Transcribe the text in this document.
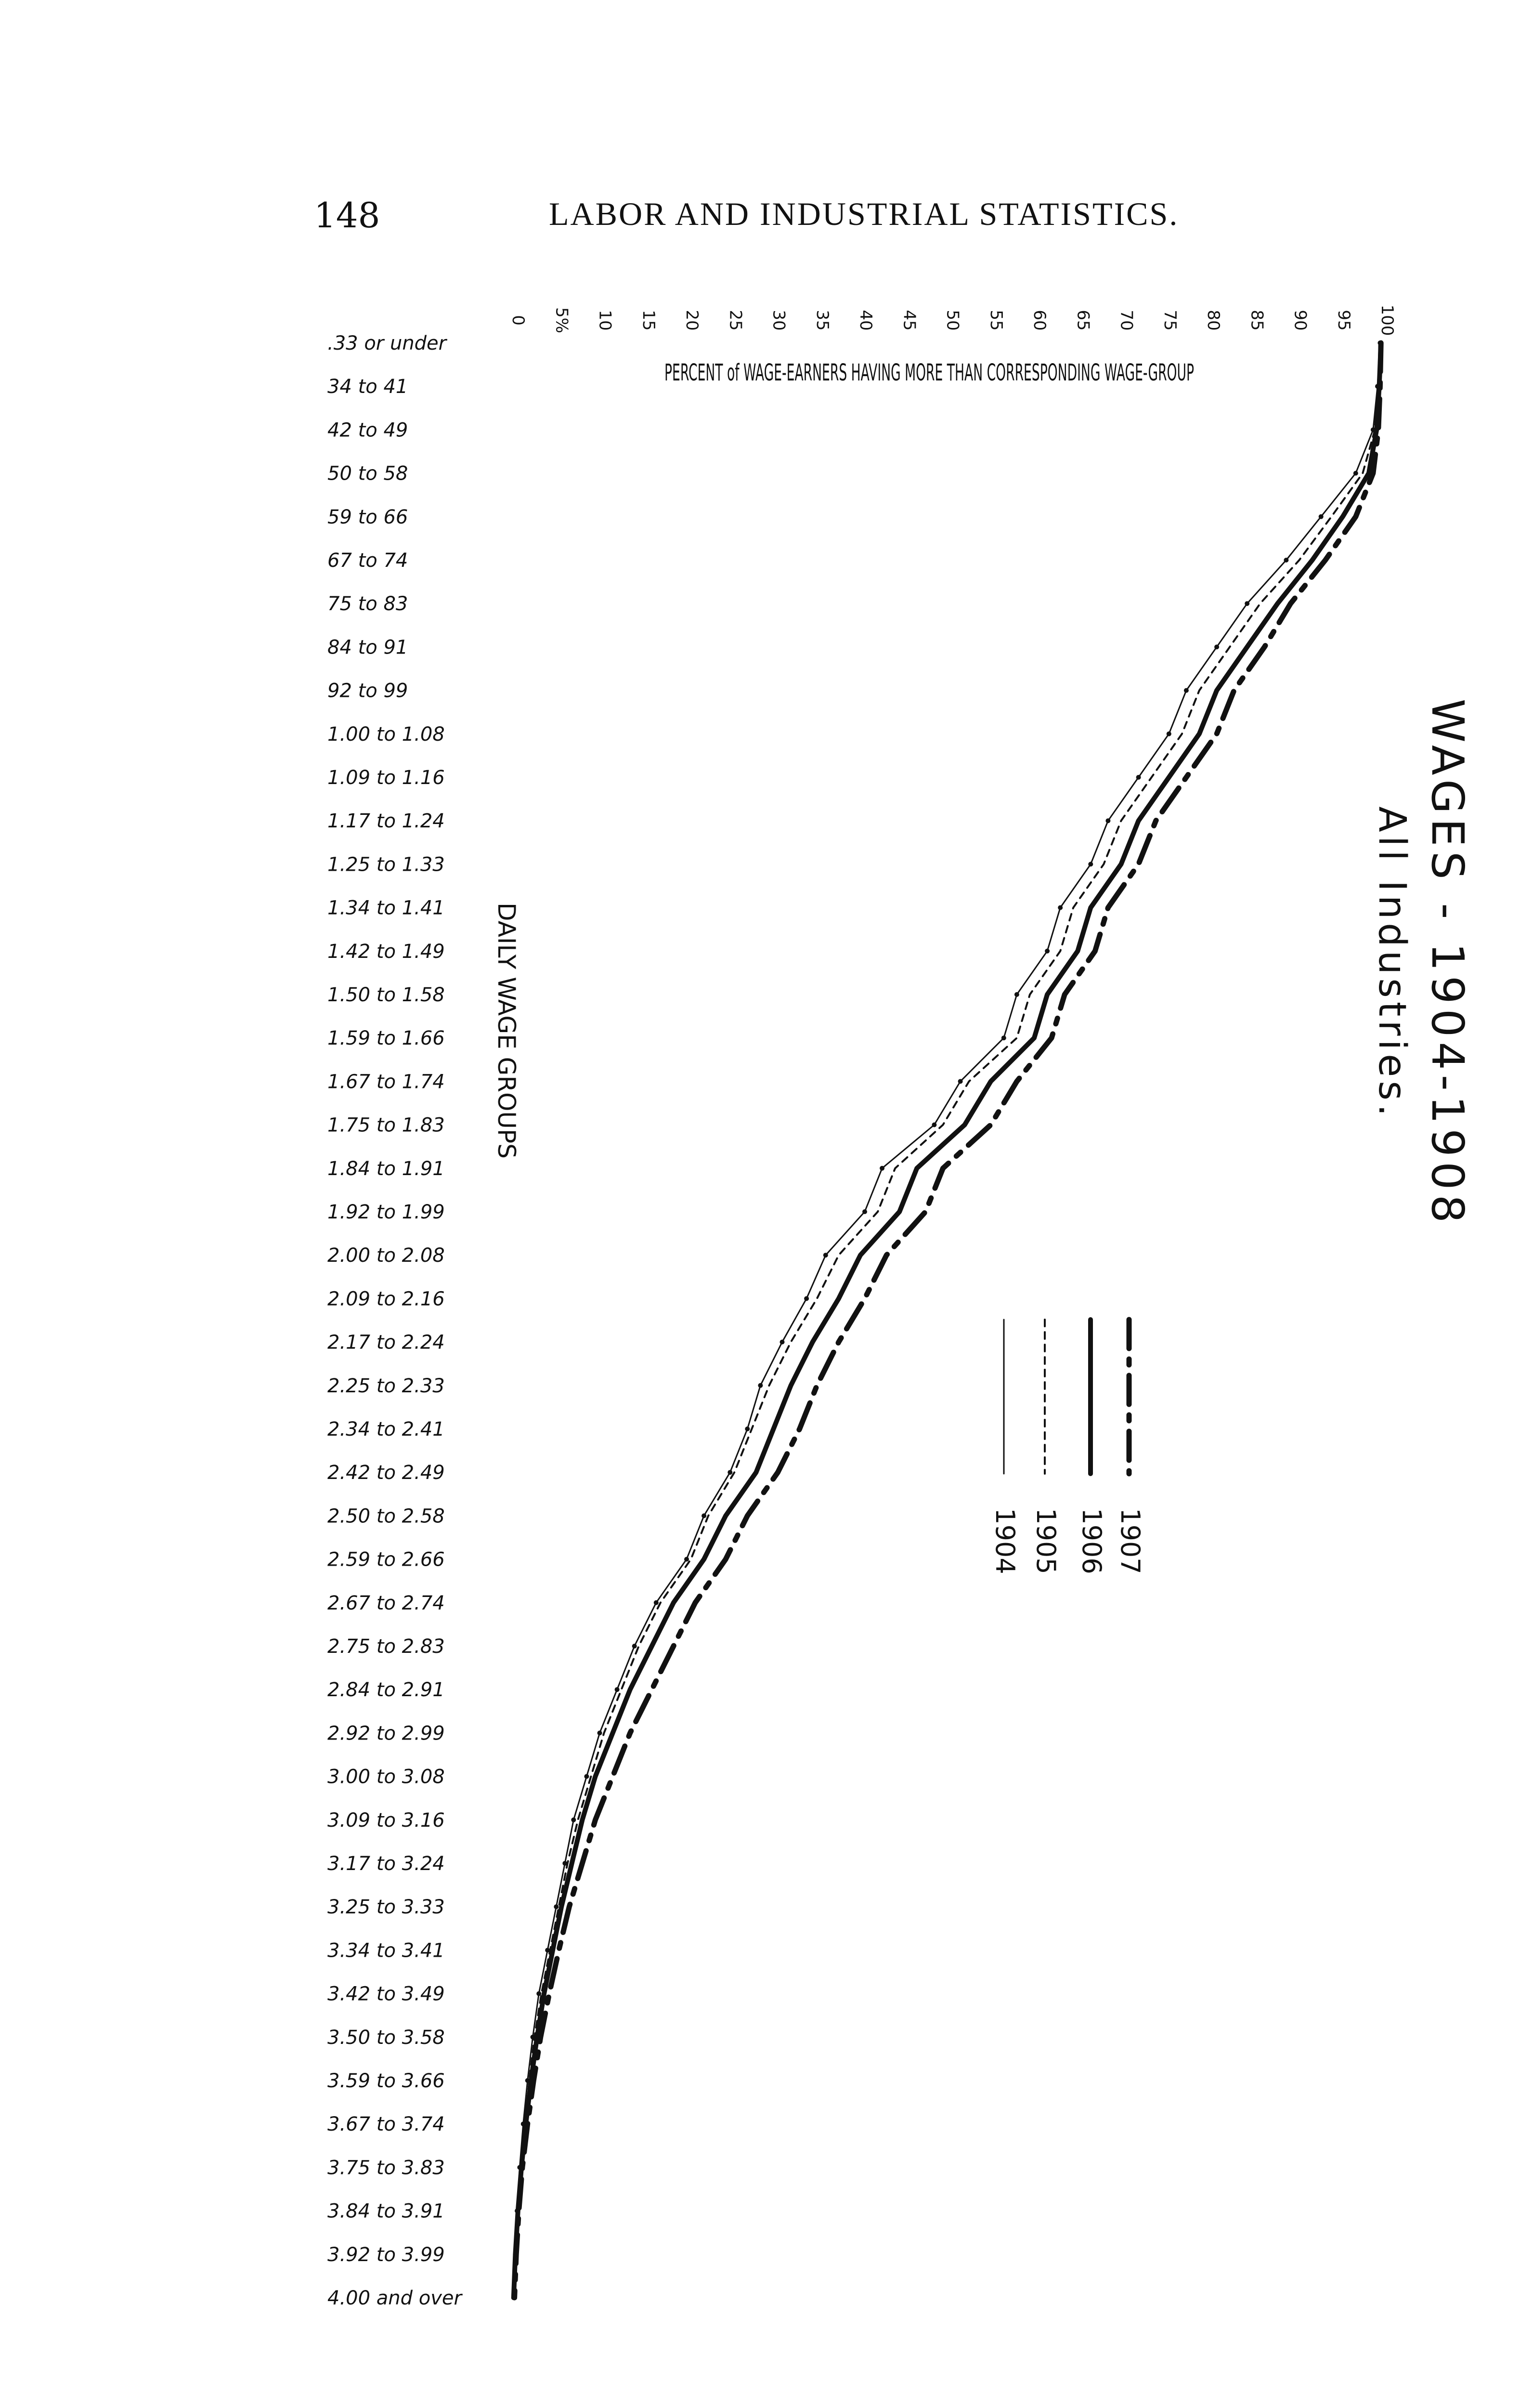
148	LABOR AND INDUSTRIAL STATISTICS.
0 5% 10 15 20 25 30 35 40 45 50 55 60 65 70 75 80 85 90 95 100
PERCENT of WAGE-EARNERS HAVING MORE THAN CORRESPONDING WAGE-GROUP
.33 or under
34 to 41
42 to 49
50 to 58
59 to 66
67 to 74
75 to 83
84 to 91
92 to 99
1.00 to 1.08
1.09 to 1.16
1.17 to 1.24
1.25 to 1.33
1.34 to 1.41
1.42 to 1.49
1.50 to 1.58
1.59 to 1.66
1.67 to 1.74
1.75 to 1.83
1.84 to 1.91
1.92 to 1.99
2.00 to 2.08
2.09 to 2.16
2.17 to 2.24
2.25 to 2.33
2.34 to 2.41
2.42 to 2.49
2.50 to 2.58
2.59 to 2.66
2.67 to 2.74
2.75 to 2.83
2.84 to 2.91
2.92 to 2.99
3.00 to 3.08
3.09 to 3.16
3.17 to 3.24
3.25 to 3.33
3.34 to 3.41
3.42 to 3.49
3.50 to 3.58
3.59 to 3.66
3.67 to 3.74
3.75 to 3.83
3.84 to 3.91
3.92 to 3.99
4.00 and over
DAILY WAGE GROUPS	WAGES - 1904-1908
All Industries.
1907
1906
1905
1904
